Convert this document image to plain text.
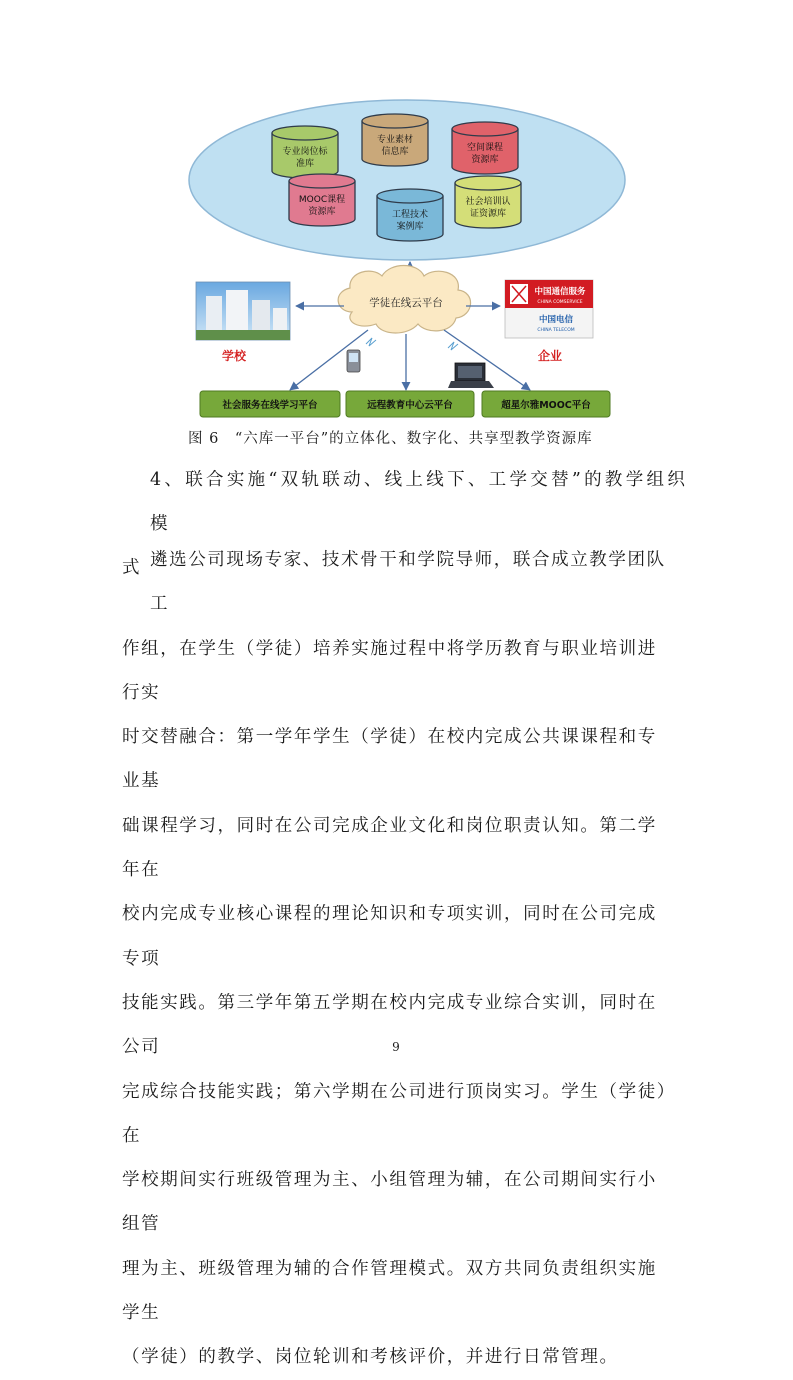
专业岗位标
准库
专业素材
信息库	空间课程
资源库
MOOC课程
资源库	工程技术
案例库
社会培训认
证资源库
学徒在线云平台
学校
中国通信服务
CHINA COMSERVICE
中国电信
CHINA TELECOM
企业
社会服务在线学习平台	远程教育中心云平台	超星尔雅MOOC平台
图 6　“六库一平台”的立体化、数字化、共享型教学资源库
4、联合实施“双轨联动、线上线下、工学交替”的教学组织模
式 遴选公司现场专家、技术骨干和学院导师，联合成立教学团队工
作组，在学生（学徒）培养实施过程中将学历教育与职业培训进行实
时交替融合：第一学年学生（学徒）在校内完成公共课课程和专业基
础课程学习，同时在公司完成企业文化和岗位职责认知。第二学年在
校内完成专业核心课程的理论知识和专项实训，同时在公司完成专项
技能实践。第三学年第五学期在校内完成专业综合实训，同时在公司
完成综合技能实践；第六学期在公司进行顶岗实习。学生（学徒）在
学校期间实行班级管理为主、小组管理为辅，在公司期间实行小组管
理为主、班级管理为辅的合作管理模式。双方共同负责组织实施学生
（学徒）的教学、岗位轮训和考核评价，并进行日常管理。
9
